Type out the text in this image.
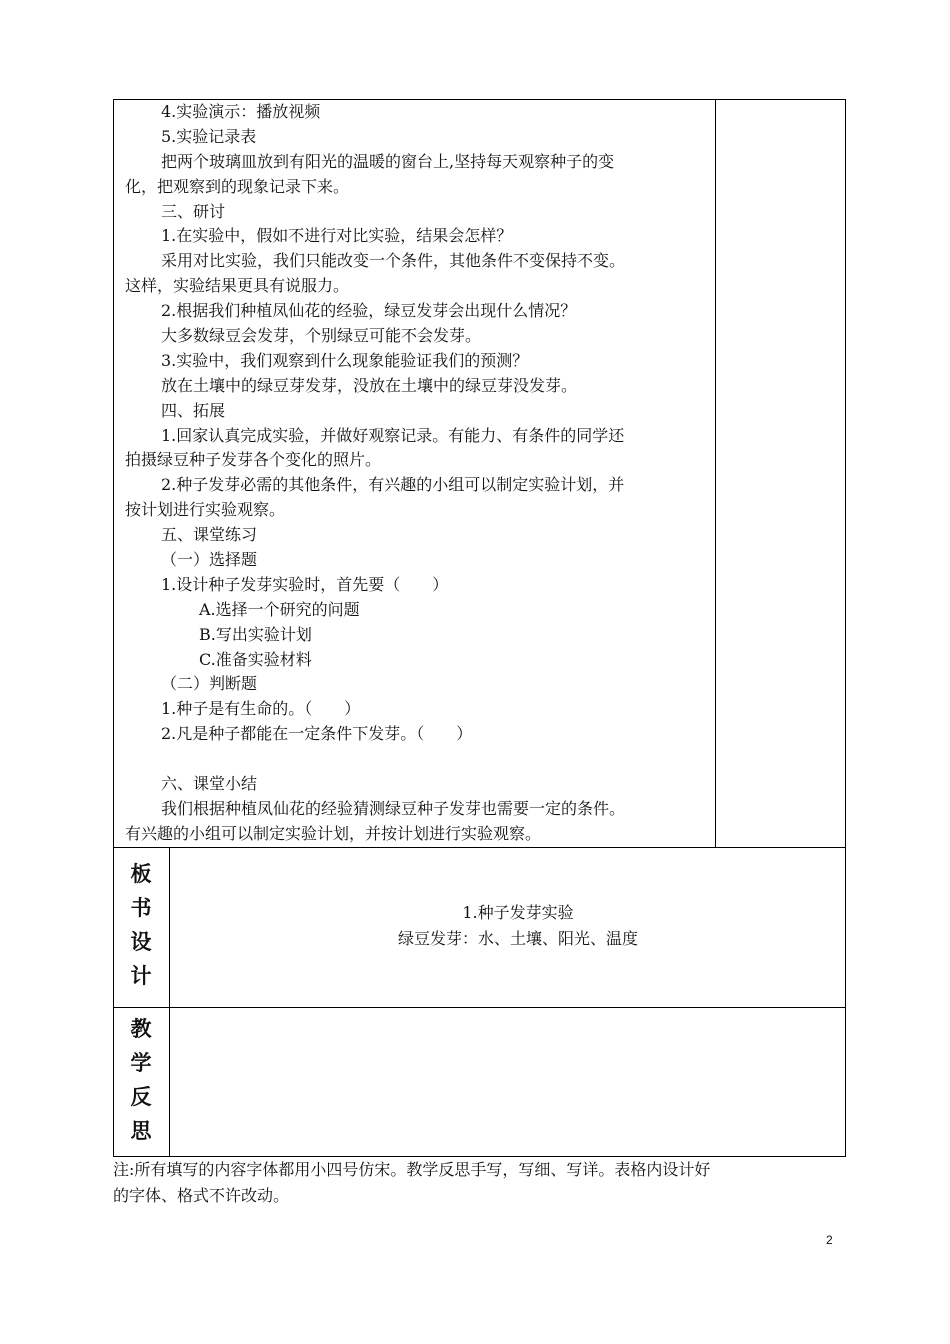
4.实验演示：播放视频
5.实验记录表
把两个玻璃皿放到有阳光的温暖的窗台上,坚持每天观察种子的变
化，把观察到的现象记录下来。
三、研讨
1.在实验中，假如不进行对比实验，结果会怎样？
采用对比实验，我们只能改变一个条件，其他条件不变保持不变。
这样，实验结果更具有说服力。
2.根据我们种植凤仙花的经验，绿豆发芽会出现什么情况？
大多数绿豆会发芽，个别绿豆可能不会发芽。
3.实验中，我们观察到什么现象能验证我们的预测？
放在土壤中的绿豆芽发芽，没放在土壤中的绿豆芽没发芽。
四、拓展
1.回家认真完成实验，并做好观察记录。有能力、有条件的同学还
拍摄绿豆种子发芽各个变化的照片。
2.种子发芽必需的其他条件，有兴趣的小组可以制定实验计划，并
按计划进行实验观察。
五、课堂练习
（一）选择题
1.设计种子发芽实验时，首先要（　　）
A.选择一个研究的问题
B.写出实验计划
C.准备实验材料
（二）判断题
1.种子是有生命的。（　　）
2.凡是种子都能在一定条件下发芽。（　　）
六、课堂小结
我们根据种植凤仙花的经验猜测绿豆种子发芽也需要一定的条件。
有兴趣的小组可以制定实验计划，并按计划进行实验观察。
板
书
设
计
1.种子发芽实验
绿豆发芽：水、土壤、阳光、温度
教
学
反
思
注:所有填写的内容字体都用小四号仿宋。教学反思手写，写细、写详。表格内设计好
的字体、格式不许改动。
2
